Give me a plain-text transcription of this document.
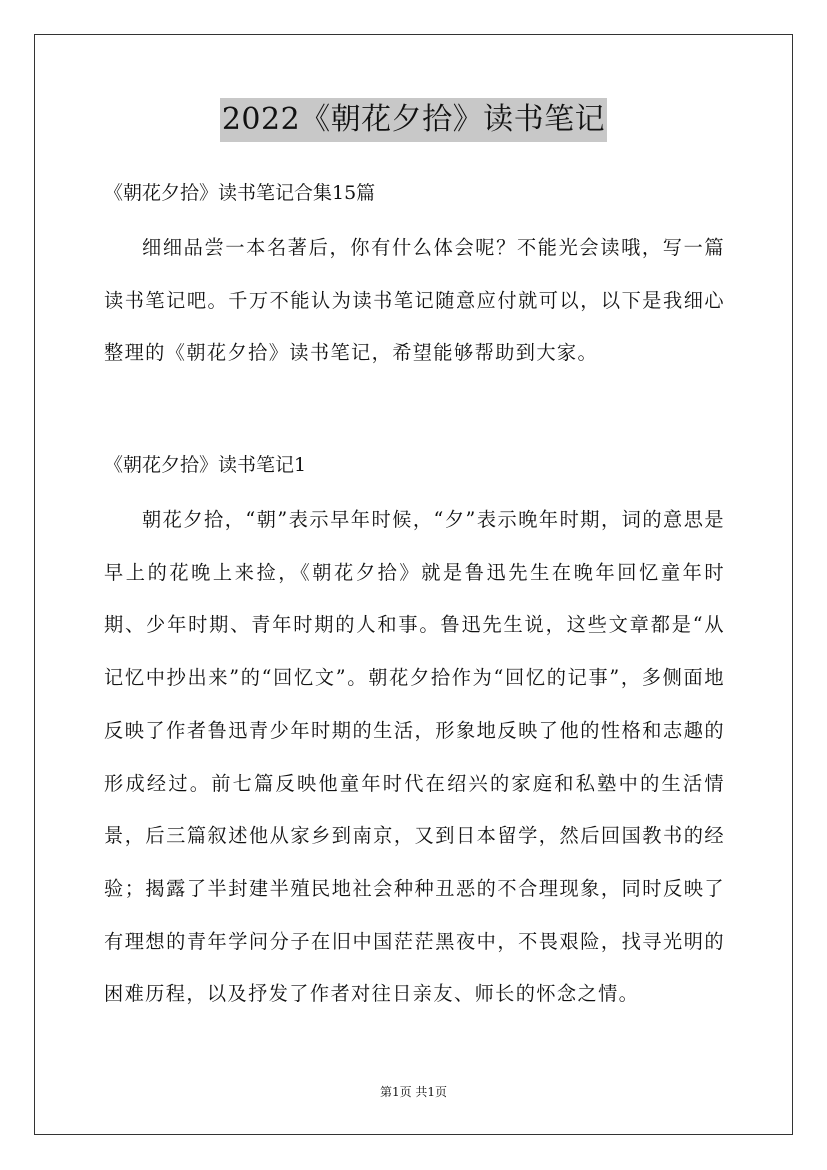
2022《朝花夕拾》读书笔记
《朝花夕拾》读书笔记合集15篇

细细品尝一本名著后，你有什么体会呢？不能光会读哦，写一篇读书笔记吧。千万不能认为读书笔记随意应付就可以，以下是我细心整理的《朝花夕拾》读书笔记，希望能够帮助到大家。

《朝花夕拾》读书笔记1

朝花夕拾，“朝”表示早年时候，“夕”表示晚年时期，词的意思是早上的花晚上来捡，《朝花夕拾》就是鲁迅先生在晚年回忆童年时期、少年时期、青年时期的人和事。鲁迅先生说，这些文章都是“从记忆中抄出来”的“回忆文”。朝花夕拾作为“回忆的记事”，多侧面地反映了作者鲁迅青少年时期的生活，形象地反映了他的性格和志趣的形成经过。前七篇反映他童年时代在绍兴的家庭和私塾中的生活情景，后三篇叙述他从家乡到南京，又到日本留学，然后回国教书的经验；揭露了半封建半殖民地社会种种丑恶的不合理现象，同时反映了有理想的青年学问分子在旧中国茫茫黑夜中，不畏艰险，找寻光明的困难历程，以及抒发了作者对往日亲友、师长的怀念之情。

第1页 共1页
